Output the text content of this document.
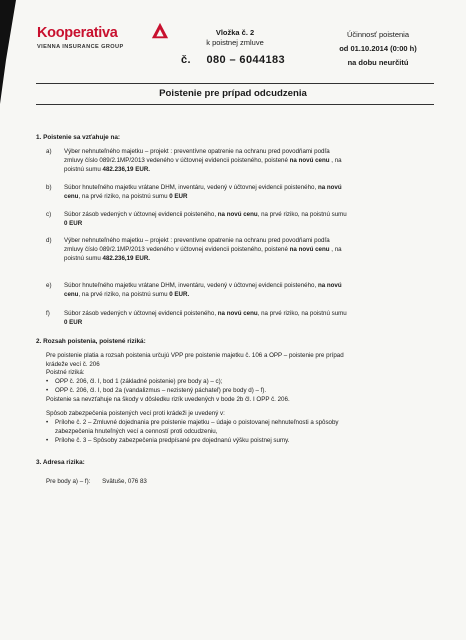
Kooperativa
VIENNA INSURANCE GROUP
Vložka č. 2
k poistnej zmluve
č. 080 – 6044183
Účinnosť poistenia
od 01.10.2014 (0:00 h)
na dobu neurčitú
Poistenie pre prípad odcudzenia
1. Poistenie sa vzťahuje na:
a) Výber nehnuteľného majetku – projekt : preventívne opatrenie na ochranu pred povodňami podľa
zmluvy číslo 089/2.1MP/2013 vedeného v účtovnej evidencii poisteného, poistené na novú cenu , na
poistnú sumu 482.236,19 EUR.
b) Súbor hnuteľného majetku vrátane DHM, inventáru, vedený v účtovnej evidencii poisteného, na novú
cenu, na prvé riziko, na poistnú sumu 0 EUR
c) Súbor zásob vedených v účtovnej evidencii poisteného, na novú cenu, na prvé riziko, na poistnú sumu
0 EUR
d) Výber nehnuteľného majetku – projekt : preventívne opatrenie na ochranu pred povodňami podľa
zmluvy číslo 089/2.1MP/2013 vedeného v účtovnej evidencii poisteného, poistené na novú cenu , na
poistnú sumu 482.236,19 EUR.
e) Súbor hnuteľného majetku vrátane DHM, inventáru, vedený v účtovnej evidencii poisteného, na novú
cenu, na prvé riziko, na poistnú sumu 0 EUR.
f) Súbor zásob vedených v účtovnej evidencii poisteného, na novú cenu, na prvé riziko, na poistnú sumu
0 EUR
2. Rozsah poistenia, poistené riziká:
Pre poistenie platia a rozsah poistenia určujú VPP pre poistenie majetku č. 106 a OPP – poistenie pre prípad
krádeže vecí č. 206
Poistné riziká:
• OPP č. 206, čl. I, bod 1 (základné poistenie) pre body a) – c);
• OPP č. 206, čl. I, bod 2a (vandalizmus – nezistený páchateľ) pre body d) – f).
Poistenie sa nevzťahuje na škody v dôsledku rizík uvedených v bode 2b čl. I OPP č. 206.
Spôsob zabezpečenia poistených vecí proti krádeži je uvedený v:
• Prílohe č. 2 – Zmluvné dojednania pre poistenie majetku – údaje o poistovanej nehnuteľnosti a spôsoby
zabezpečenia hnuteľných vecí a cenností proti odcudzeniu,
• Prílohe č. 3 – Spôsoby zabezpečenia predpísané pre dojednanú výšku poistnej sumy.
3. Adresa rizika:
Pre body a) – f): Svätuše, 076 83
